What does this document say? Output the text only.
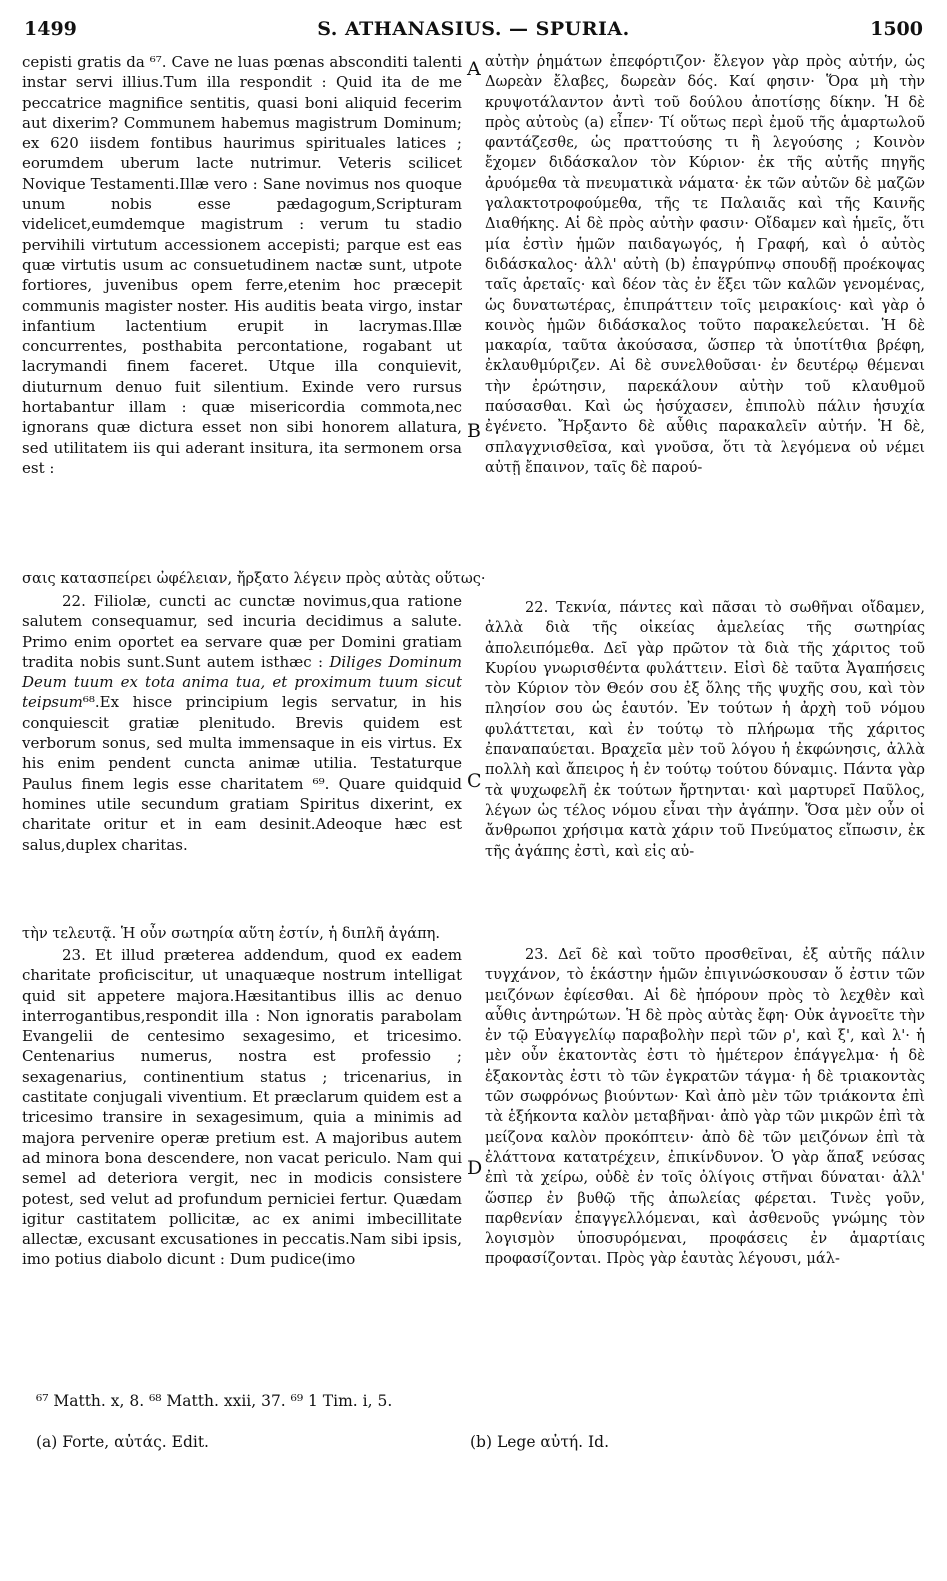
1499	S. ATHANASIUS. — SPURIA.	1500

cepisti gratis da ⁶⁷. Cave ne luas pœnas absconditi talenti instar servi illius.Tum illa respondit : Quid ita de me peccatrice magnifice sentitis, quasi boni aliquid fecerim aut dixerim? Communem habemus magistrum Dominum; ex 620 iisdem fontibus haurimus spirituales latices ; eorumdem uberum lacte nutrimur. Veteris scilicet Novique Testamenti.Illæ vero : Sane novimus nos quoque unum nobis esse pædagogum,Scripturam videlicet,eumdemque magistrum : verum tu stadio pervihili virtutum accessionem accepisti; parque est eas quæ virtutis usum ac consuetudinem nactæ sunt, utpote fortiores, juvenibus opem ferre,etenim hoc præcepit communis magister noster. His auditis beata virgo, instar infantium lactentium erupit in lacrymas.Illæ concurrentes, posthabita percontatione, rogabant ut lacrymandi finem faceret. Utque illa conquievit, diuturnum denuo fuit silentium. Exinde vero rursus hortabantur illam : quæ misericordia commota,nec ignorans quæ dictura esset non sibi honorem allatura, sed utilitatem iis qui aderant insitura, ita sermonem orsa est :

σαις κατασπείρει ὠφέλειαν, ἤρξατο λέγειν πρὸς αὐτὰς οὕτως·

22. Filiolæ, cuncti ac cunctæ novimus,qua ratione salutem consequamur, sed incuria decidimus a salute. Primo enim oportet ea servare quæ per Domini gratiam tradita nobis sunt.Sunt autem isthæc : Diliges Dominum Deum tuum ex tota anima tua, et proximum tuum sicut teipsum⁶⁸.Ex hisce principium legis servatur, in his conquiescit gratiæ plenitudo. Brevis quidem est verborum sonus, sed multa immensaque in eis virtus. Ex his enim pendent cuncta animæ utilia. Testaturque Paulus finem legis esse charitatem ⁶⁹. Quare quidquid homines utile secundum gratiam Spiritus dixerint, ex charitate oritur et in eam desinit.Adeoque hæc est salus,duplex charitas.

τὴν τελευτᾷ. Ἡ οὖν σωτηρία αὕτη ἐστίν, ἡ διπλῆ ἀγάπη.

23. Et illud præterea addendum, quod ex eadem charitate proficiscitur, ut unaquæque nostrum intelligat quid sit appetere majora.Hæsitantibus illis ac denuo interrogantibus,respondit illa : Non ignoratis parabolam Evangelii de centesimo sexagesimo, et tricesimo. Centenarius numerus, nostra est professio ; sexagenarius, continentium status ; tricenarius, in castitate conjugali viventium. Et præclarum quidem est a tricesimo transire in sexagesimum, quia a minimis ad majora pervenire operæ pretium est. A majoribus autem ad minora bona descendere, non vacat periculo. Nam qui semel ad deteriora vergit, nec in modicis consistere potest, sed velut ad profundum perniciei fertur. Quædam igitur castitatem pollicitæ, ac ex animi imbecillitate allectæ, excusant excusationes in peccatis.Nam sibi ipsis, imo potius diabolo dicunt : Dum pudice(imo

αὐτὴν ῥημάτων ἐπεφόρτιζον· ἔλεγον γὰρ πρὸς αὐτήν, ὡς Δωρεὰν ἔλαβες, δωρεὰν δός. Καί φησιν· Ὅρα μὴ τὴν κρυψοτάλαντον ἀντὶ τοῦ δούλου ἀποτίσῃς δίκην. Ἡ δὲ πρὸς αὐτοὺς (a) εἶπεν· Τί οὕτως περὶ ἐμοῦ τῆς ἁμαρτωλοῦ φαντάζεσθε, ὡς πραττούσης τι ἢ λεγούσης ; Κοινὸν ἔχομεν διδάσκαλον τὸν Κύριον· ἐκ τῆς αὐτῆς πηγῆς ἀρυόμεθα τὰ πνευματικὰ νάματα· ἐκ τῶν αὐτῶν δὲ μαζῶν γαλακτοτροφούμεθα, τῆς τε Παλαιᾶς καὶ τῆς Καινῆς Διαθήκης. Αἱ δὲ πρὸς αὐτὴν φασιν· Οἴδαμεν καὶ ἡμεῖς, ὅτι μία ἐστὶν ἡμῶν παιδαγωγός, ἡ Γραφή, καὶ ὁ αὐτὸς διδάσκαλος· ἀλλ' αὐτὴ (b) ἐπαγρύπνῳ σπουδῇ προέκοψας ταῖς ἀρεταῖς· καὶ δέον τὰς ἐν ἕξει τῶν καλῶν γενομένας, ὡς δυνατωτέρας, ἐπιπράττειν τοῖς μειρακίοις· καὶ γὰρ ὁ κοινὸς ἡμῶν διδάσκαλος τοῦτο παρακελεύεται. Ἡ δὲ μακαρία, ταῦτα ἀκούσασα, ὥσπερ τὰ ὑποτίτθια βρέφη, ἐκλαυθμύριζεν. Αἱ δὲ συνελθοῦσαι· ἐν δευτέρῳ θέμεναι τὴν ἐρώτησιν, παρεκάλουν αὐτὴν τοῦ κλαυθμοῦ παύσασθαι. Καὶ ὡς ἡσύχασεν, ἐπιπολὺ πάλιν ἡσυχία ἐγένετο. Ἤρξαντο δὲ αὖθις παρακαλεῖν αὐτήν. Ἡ δὲ, σπλαγχνισθεῖσα, καὶ γνοῦσα, ὅτι τὰ λεγόμενα οὐ νέμει αὐτῇ ἔπαινον, ταῖς δὲ παρού-

22. Τεκνία, πάντες καὶ πᾶσαι τὸ σωθῆναι οἴδαμεν, ἀλλὰ διὰ τῆς οἰκείας ἀμελείας τῆς σωτηρίας ἀπολειπόμεθα. Δεῖ γὰρ πρῶτον τὰ διὰ τῆς χάριτος τοῦ Κυρίου γνωρισθέντα φυλάττειν. Εἰσὶ δὲ ταῦτα Ἀγαπήσεις τὸν Κύριον τὸν Θεόν σου ἐξ ὅλης τῆς ψυχῆς σου, καὶ τὸν πλησίον σου ὡς ἑαυτόν. Ἐν τούτων ἡ ἀρχὴ τοῦ νόμου φυλάττεται, καὶ ἐν τούτῳ τὸ πλήρωμα τῆς χάριτος ἐπαναπαύεται. Βραχεῖα μὲν τοῦ λόγου ἡ ἐκφώνησις, ἀλλὰ πολλὴ καὶ ἄπειρος ἡ ἐν τούτῳ τούτου δύναμις. Πάντα γὰρ τὰ ψυχωφελῆ ἐκ τούτων ἤρτηνται· καὶ μαρτυρεῖ Παῦλος, λέγων ὡς τέλος νόμου εἶναι τὴν ἀγάπην. Ὅσα μὲν οὖν οἱ ἄνθρωποι χρήσιμα κατὰ χάριν τοῦ Πνεύματος εἴπωσιν, ἐκ τῆς ἀγάπης ἐστὶ, καὶ εἰς αὐ-

23. Δεῖ δὲ καὶ τοῦτο προσθεῖναι, ἐξ αὐτῆς πάλιν τυγχάνον, τὸ ἑκάστην ἡμῶν ἐπιγινώσκουσαν ὅ ἐστιν τῶν μειζόνων ἐφίεσθαι. Αἱ δὲ ἠπόρουν πρὸς τὸ λεχθὲν καὶ αὖθις ἀντηρώτων. Ἡ δὲ πρὸς αὐτὰς ἔφη· Οὐκ ἀγνοεῖτε τὴν ἐν τῷ Εὐαγγελίῳ παραβολὴν περὶ τῶν ρ', καὶ ξ', καὶ λ'· ἡ μὲν οὖν ἑκατοντὰς ἐστι τὸ ἡμέτερον ἐπάγγελμα· ἡ δὲ ἑξακοντὰς ἐστι τὸ τῶν ἐγκρατῶν τάγμα· ἡ δὲ τριακοντὰς τῶν σωφρόνως βιούντων· Καὶ ἀπὸ μὲν τῶν τριάκοντα ἐπὶ τὰ ἑξήκοντα καλὸν μεταβῆναι· ἀπὸ γὰρ τῶν μικρῶν ἐπὶ τὰ μείζονα καλὸν προκόπτειν· ἀπὸ δὲ τῶν μειζόνων ἐπὶ τὰ ἐλάττονα κατατρέχειν, ἐπικίνδυνον. Ὁ γὰρ ἅπαξ νεύσας ἐπὶ τὰ χείρω, οὐδὲ ἐν τοῖς ὀλίγοις στῆναι δύναται· ἀλλ' ὥσπερ ἐν βυθῷ τῆς ἀπωλείας φέρεται. Τινὲς γοῦν, παρθενίαν ἐπαγγελλόμεναι, καὶ ἀσθενοῦς γνώμης τὸν λογισμὸν ὑποσυρόμεναι, προφάσεις ἐν ἁμαρτίαις προφασίζονται. Πρὸς γὰρ ἑαυτὰς λέγουσι, μάλ-

A
B
C
D
⁶⁷ Matth. x, 8. ⁶⁸ Matth. xxii, 37. ⁶⁹ 1 Tim. i, 5.
(a) Forte, αὐτάς. Edit.	(b) Lege αὐτή. Id.
